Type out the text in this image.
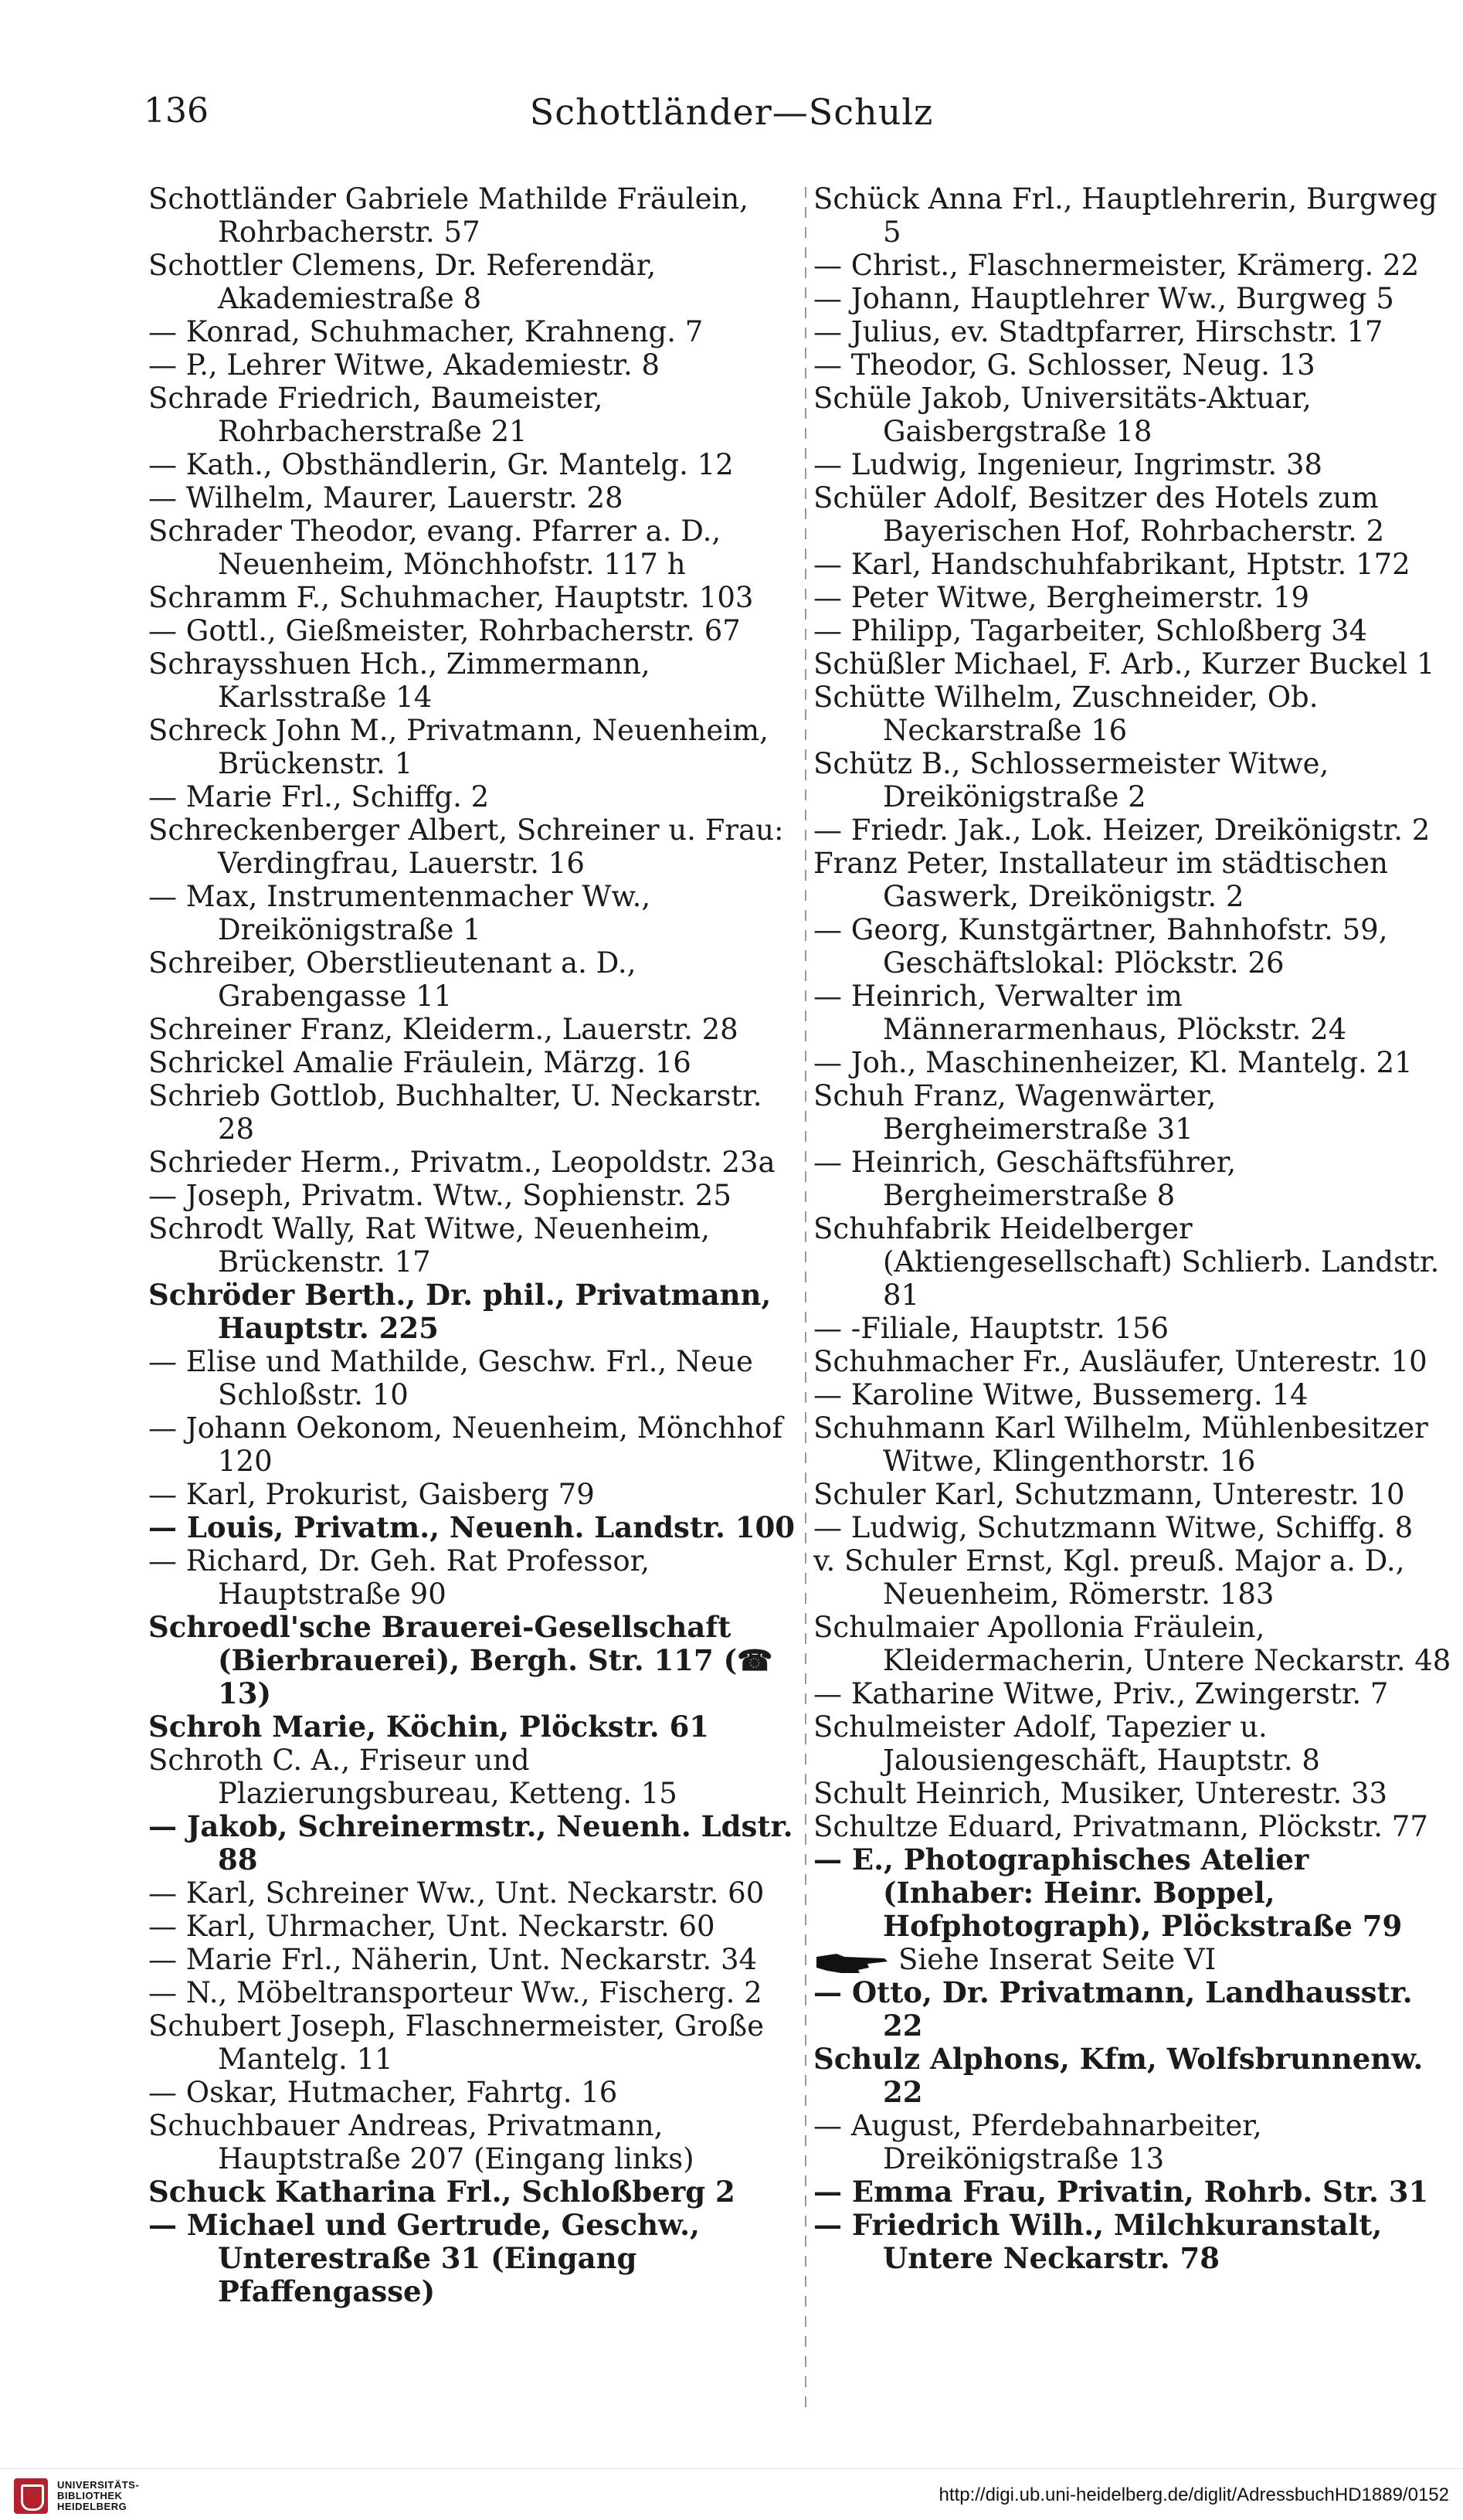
136	Schottländer—Schulz

Schottländer Gabriele Mathilde Fräulein, Rohrbacherstr. 57

Schottler Clemens, Dr. Referendär, Akademiestraße 8

— Konrad, Schuhmacher, Krahneng. 7

— P., Lehrer Witwe, Akademiestr. 8

Schrade Friedrich, Baumeister, Rohrbacherstraße 21

— Kath., Obsthändlerin, Gr. Mantelg. 12

— Wilhelm, Maurer, Lauerstr. 28

Schrader Theodor, evang. Pfarrer a. D., Neuenheim, Mönchhofstr. 117 h

Schramm F., Schuhmacher, Hauptstr. 103

— Gottl., Gießmeister, Rohrbacherstr. 67

Schraysshuen Hch., Zimmermann, Karlsstraße 14

Schreck John M., Privatmann, Neuenheim, Brückenstr. 1

— Marie Frl., Schiffg. 2

Schreckenberger Albert, Schreiner u. Frau: Verdingfrau, Lauerstr. 16

— Max, Instrumentenmacher Ww., Dreikönigstraße 1

Schreiber, Oberstlieutenant a. D., Grabengasse 11

Schreiner Franz, Kleiderm., Lauerstr. 28

Schrickel Amalie Fräulein, Märzg. 16

Schrieb Gottlob, Buchhalter, U. Neckarstr. 28

Schrieder Herm., Privatm., Leopoldstr. 23a

— Joseph, Privatm. Wtw., Sophienstr. 25

Schrodt Wally, Rat Witwe, Neuenheim, Brückenstr. 17

Schröder Berth., Dr. phil., Privatmann, Hauptstr. 225

— Elise und Mathilde, Geschw. Frl., Neue Schloßstr. 10

— Johann Oekonom, Neuenheim, Mönchhof 120

— Karl, Prokurist, Gaisberg 79

— Louis, Privatm., Neuenh. Landstr. 100

— Richard, Dr. Geh. Rat Professor, Hauptstraße 90

Schroedl'sche Brauerei-Gesellschaft (Bierbrauerei), Bergh. Str. 117 (☎ 13)

Schroh Marie, Köchin, Plöckstr. 61

Schroth C. A., Friseur und Plazierungsbureau, Ketteng. 15

— Jakob, Schreinermstr., Neuenh. Ldstr. 88

— Karl, Schreiner Ww., Unt. Neckarstr. 60

— Karl, Uhrmacher, Unt. Neckarstr. 60

— Marie Frl., Näherin, Unt. Neckarstr. 34

— N., Möbeltransporteur Ww., Fischerg. 2

Schubert Joseph, Flaschnermeister, Große Mantelg. 11

— Oskar, Hutmacher, Fahrtg. 16

Schuchbauer Andreas, Privatmann, Hauptstraße 207 (Eingang links)

Schuck Katharina Frl., Schloßberg 2

— Michael und Gertrude, Geschw., Unterestraße 31 (Eingang Pfaffengasse)

Schück Anna Frl., Hauptlehrerin, Burgweg 5

— Christ., Flaschnermeister, Krämerg. 22

— Johann, Hauptlehrer Ww., Burgweg 5

— Julius, ev. Stadtpfarrer, Hirschstr. 17

— Theodor, G. Schlosser, Neug. 13

Schüle Jakob, Universitäts-Aktuar, Gaisbergstraße 18

— Ludwig, Ingenieur, Ingrimstr. 38

Schüler Adolf, Besitzer des Hotels zum Bayerischen Hof, Rohrbacherstr. 2

— Karl, Handschuhfabrikant, Hptstr. 172

— Peter Witwe, Bergheimerstr. 19

— Philipp, Tagarbeiter, Schloßberg 34

Schüßler Michael, F. Arb., Kurzer Buckel 1

Schütte Wilhelm, Zuschneider, Ob. Neckarstraße 16

Schütz B., Schlossermeister Witwe, Dreikönigstraße 2

— Friedr. Jak., Lok. Heizer, Dreikönigstr. 2

Franz Peter, Installateur im städtischen Gaswerk, Dreikönigstr. 2

— Georg, Kunstgärtner, Bahnhofstr. 59, Geschäftslokal: Plöckstr. 26

— Heinrich, Verwalter im Männerarmenhaus, Plöckstr. 24

— Joh., Maschinenheizer, Kl. Mantelg. 21

Schuh Franz, Wagenwärter, Bergheimerstraße 31

— Heinrich, Geschäftsführer, Bergheimerstraße 8

Schuhfabrik Heidelberger (Aktiengesellschaft) Schlierb. Landstr. 81

— -Filiale, Hauptstr. 156

Schuhmacher Fr., Ausläufer, Unterestr. 10

— Karoline Witwe, Bussemerg. 14

Schuhmann Karl Wilhelm, Mühlenbesitzer Witwe, Klingenthorstr. 16

Schuler Karl, Schutzmann, Unterestr. 10

— Ludwig, Schutzmann Witwe, Schiffg. 8

v. Schuler Ernst, Kgl. preuß. Major a. D., Neuenheim, Römerstr. 183

Schulmaier Apollonia Fräulein, Kleidermacherin, Untere Neckarstr. 48

— Katharine Witwe, Priv., Zwingerstr. 7

Schulmeister Adolf, Tapezier u. Jalousiengeschäft, Hauptstr. 8

Schult Heinrich, Musiker, Unterestr. 33

Schultze Eduard, Privatmann, Plöckstr. 77

— E., Photographisches Atelier (Inhaber: Heinr. Boppel, Hofphotograph), Plöckstraße 79

Siehe Inserat Seite VI

— Otto, Dr. Privatmann, Landhausstr. 22

Schulz Alphons, Kfm, Wolfsbrunnenw. 22

— August, Pferdebahnarbeiter, Dreikönigstraße 13

— Emma Frau, Privatin, Rohrb. Str. 31

— Friedrich Wilh., Milchkuranstalt, Untere Neckarstr. 78

UNIVERSITÄTS-
BIBLIOTHEK
HEIDELBERG
http://digi.ub.uni-heidelberg.de/diglit/AdressbuchHD1889/0152
